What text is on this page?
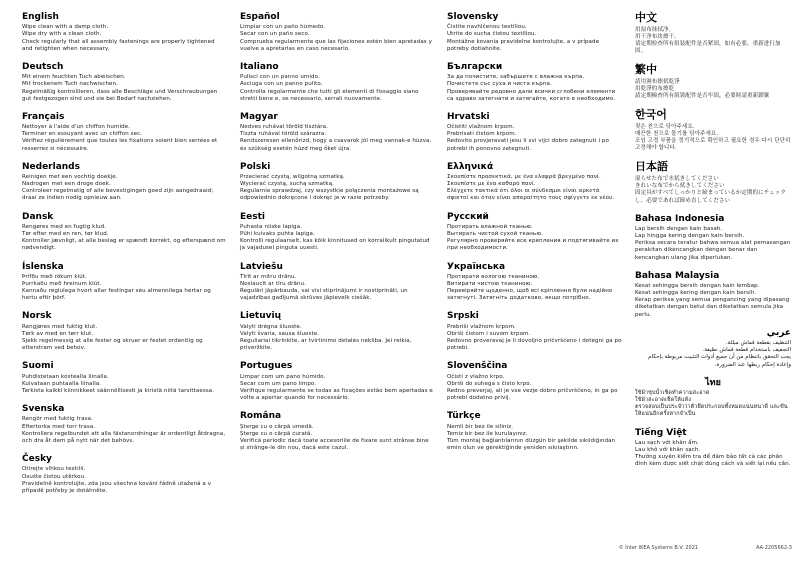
English

Wipe clean with a damp cloth.
Wipe dry with a clean cloth.
Check regularly that all assembly fastenings are properly tightened and retighten when necessary.

Deutsch

Mit einem feuchten Tuch abwischen.
Mit trockenem Tuch nachwischen.
Regelmäßig kontrollieren, dass alle Beschläge und Verschraubungen gut festgezogen sind und sie bei Bedarf nachziehen.

Français

Nettoyer à l'aide d'un chiffon humide.
Terminer en essuyant avec un chiffon sec.
Vérifiez régulièrement que toutes les fixations soient bien serrées et resserrez si nécessaire.

Nederlands

Reinigen met een vochtig doekje.
Nadrogen met een droge doek.
Controleer regelmatig of alle bevestigingen goed zijn aangedraaid; draai ze indien nodig opnieuw aan.

Dansk

Rengøres med en fugtig klud.
Tør efter med en ren, tør klud.
Kontroller jævnligt, at alle beslag er spændt korrekt, og efterspænd om nødvendigt.

Íslenska

Þrífðu með rökum klút.
Þurrkaðu með hreinum klút.
Kannaðu reglulega hvort allar festingar séu almennilega hertar og hertu eftir þörf.

Norsk

Rengjøres med fuktig klut.
Tørk av med en tørr klut.
Sjekk regelmessig at alle fester og skruer er festet ordentlig og etterstram ved behov.

Suomi

Puhdistetaan kostealla liinalla.
Kuivataan puhtaalla liinalla.
Tarkista kaikki kiinnikkeet säännöllisesti ja kiristä niitä tarvittaessa.

Svenska

Rengör med fuktig trasa.
Eftertorka med torr trasa.
Kontrollera regelbundet att alla fästanordningar är ordentligt åtdragna, och dra åt dem på nytt när det behövs.

Česky

Otírejte vlhkou textilií.
Osušte čistou utěrkou.
Pravidelně kontrolujte, zda jsou všechna kování řádně utažená a v případě potřeby je dotáhněte.

Español

Limpiar con un paño húmedo.
Secar con un paño seco.
Comprueba regularmente que las fijaciones estén bien apretadas y vuelve a apretarlas en caso necesario.

Italiano

Pulisci con un panno umido.
Asciuga con un panno pulito.
Controlla regolarmente che tutti gli elementi di fissaggio siano stretti bene e, se necessario, serrali nuovamente.

Magyar

Nedves ruhával töröld tisztára.
Tiszta ruhával töröld szárazra.
Rendszeresen ellenőrizd, hogy a csavarok jól meg vannak-e húzva, és szükség esetén húzd meg őket újra.

Polski

Przecierać czystą, wilgotną szmatką.
Wycierać czystą, suchą szmatką.
Regularnie sprawdzaj, czy wszystkie połączenia montażowe są odpowiednio dokręcone i dokręć je w razie potrzeby.

Eesti

Puhasta niiske lapiga.
Pühi kuivaks puhta lapiga.
Kontrolli regulaarselt, kas kõik kinnitused on korralikult pingutatud ja vajadusel pinguta uuesti.

Latviešu

Tīrīt ar mitru drānu.
Noslaucīt ar tīru drānu.
Regulāri jāpārbauda, vai visi stiprinājumi ir nostiprināti, un vajadzības gadījumā skrūves jāpievelk ciešāk.

Lietuvių

Valyti drėgna šluoste.
Valyti švaria, sausa šluoste.
Reguliariai tikrinkite, ar tvirtinimo detalės nekliba. Jei reikia, priveržkite.

Portugues

Limpar com um pano húmido.
Secar com um pano limpo.
Verifique regularmente se todas as fixações estão bem apertadas e volte a apertar quando for necessário.

Româna

Șterge cu o cârpă umedă.
Șterge cu o cârpă curată.
Verifică periodic dacă toate accesoriile de fixare sunt strânse bine și strânge-le din nou, dacă este cazul.

Slovensky

Čistite navhlčenou textíliou.
Utrite do sucha čistou textíliou.
Montážne kovania pravidelne kontrolujte, a v prípade potreby dotiahnite.

Български

За да почистите, забършете с влажна кърпа.
Почистете със суха и чиста кърпа.
Проверявайте редовно дали всички сглобени елементи са здраво затегнати и затягайте, когато е необходимо.

Hrvatski

Očistiti vlažnom krpom.
Prebrisati čistom krpom.
Redovito provjeravati jesu li svi vijci dobro zategnuti i po potrebi ih ponovno zategnuti.

Ελληνικά

Σκουπίστε προσεκτικά, με ένα ελαφρά βρεγμένο πανί.
Σκουπίστε με ένα καθαρό πανί.
Ελέγχετε τακτικά ότι όλοι οι σύνδεσμοι είναι αρκετά σφικτοί και όταν είναι απαραίτητο τους σφίγγετε εκ νέου.

Русский

Протирать влажной тканью.
Вытирать чистой сухой тканью.
Регулярно проверяйте все крепления и подтягивайте их при необходимости.

Українська

Протирати вологою тканиною.
Витирати чистою тканиною.
Перевіряйте щоденно, щоб всі кріплення були надійно затягнуті. Затягніть додатково, якщо потрібно.

Srpski

Prebriši vlažnom krpom.
Obriši čistom i suvom krpom.
Redovno proveravaj je li dovoljno pričvršćeno i dotegni ga po potrebi.

Slovenščina

Očisti z vlažno krpo.
Obriši do suhega s čisto krpo.
Redno preverjaj, ali je vse vezje dobro pričvrščeno, in ga po potrebi dodatno privij.

Türkçe

Nemli bir bez ile siliniz.
Temiz bir bez ile kurulayınız.
Tüm montaj bağlantılarının düzgün bir şekilde sıkıldığından emin olun ve gerektiğinde yeniden sıkılaştırın.

中文

用湿布抹拭净。
用干净布块擦干。
请定期检查所有组装配件是否紧固，如有必要，重新进行加固。

繁中

請用濕布擦拭乾淨
用乾淨的布擦乾
請定期檢查所有組裝配件是否牢固，必要時請重新鎖緊

한국어

젖은 천으로 닦아주세요.
매끈한 천으로 물기를 닦아주세요.
조임 고정 부품을 정기적으로 확인하고 필요한 경우 다시 단단히 고정해야 합니다.

日本語

湿らせた布で水拭きしてください
きれいな布でから拭きしてください
固定具がすべてしっかりと締まっているか定期的にチェックし、必要であれば締め直してください

Bahasa Indonesia

Lap bersih dengan kain basah.
Lap hingga kering dengan kain bersih.
Periksa secara teratur bahwa semua alat pemasangan perakitan dikencangkan dengan benar dan kencangkan ulang jika diperlukan.

Bahasa Malaysia

Kesat sehingga bersih dengan kain lembap.
Kesat sehingga kering dengan kain bersih.
Kerap periksa yang semua pengancing yang dipasang diketatkan dengan betul dan diketatkan semula jika perlu.

عربي

التنظيف بقطعة قماش مبللة.
التجفيف باستخدام قطعة قماش نظيفة.
يجب التحقق بانتظام من أن جميع أدوات التثبيت مربوطة بإحكام وإعادة إحكام ربطها عند الضرورة.

ไทย

ใช้ผ้าชุบน้ำเช็ดทำความสะอาด
ใช้ผ้าสะอาดเช็ดให้แห้ง
ตรวจสอบเป็นประจำว่าตัวยึดประกอบทั้งหมดแน่นหนาดี และขันให้แน่นอีกครั้งหากจำเป็น

Tiếng Việt

Lau sạch với khăn ẩm.
Lau khô với khăn sạch.
Thường xuyên kiểm tra để đảm bảo tất cả các phần đính kèm được siết chặt đúng cách và siết lại nếu cần.

© Inter IKEA Systems B.V. 2021	AA-2205662-3
